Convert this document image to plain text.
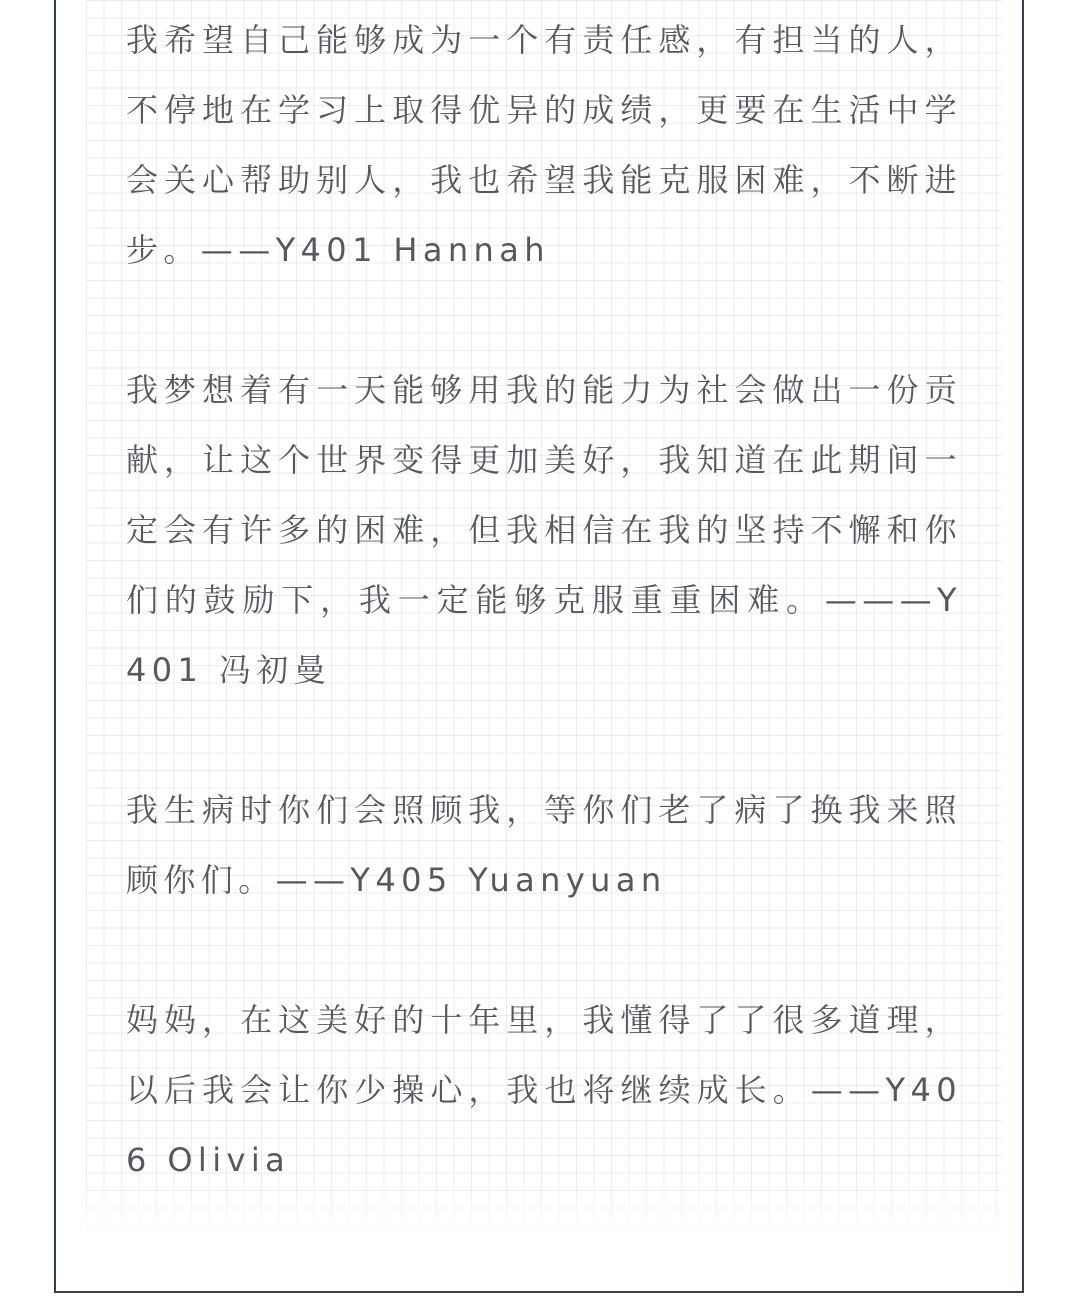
我希望自己能够成为一个有责任感，有担当的人，不停地在学习上取得优异的成绩，更要在生活中学会关心帮助别人，我也希望我能克服困难，不断进步。——Y401 Hannah

我梦想着有一天能够用我的能力为社会做出一份贡献，让这个世界变得更加美好，我知道在此期间一定会有许多的困难，但我相信在我的坚持不懈和你们的鼓励下，我一定能够克服重重困难。———Y401 冯初曼

我生病时你们会照顾我，等你们老了病了换我来照顾你们。——Y405 Yuanyuan

妈妈，在这美好的十年里，我懂得了了很多道理，以后我会让你少操心，我也将继续成长。——Y406 Olivia
